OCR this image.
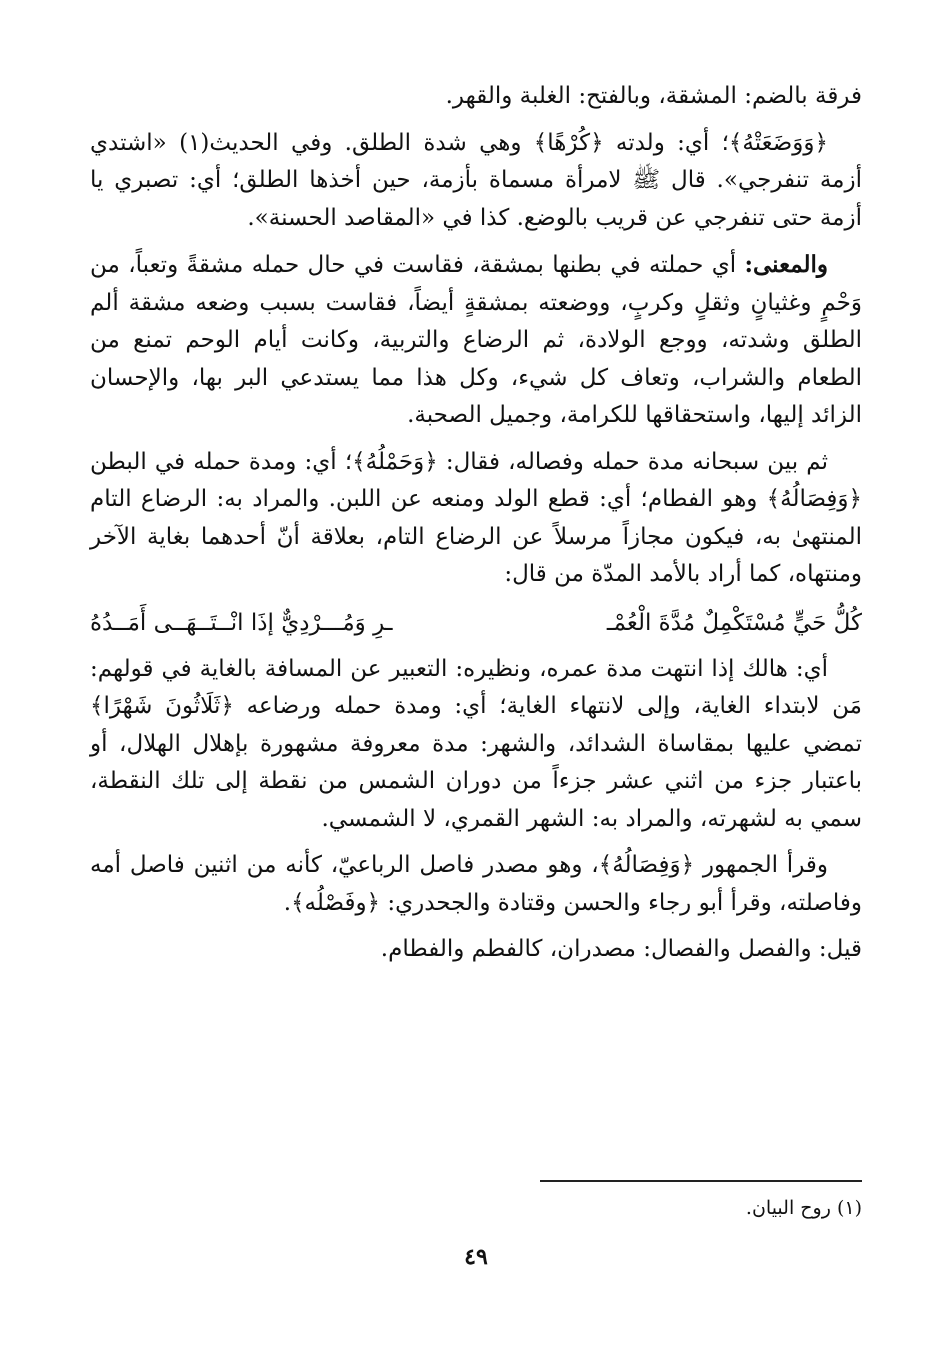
فرقة بالضم: المشقة، وبالفتح: الغلبة والقهر.

﴿وَوَضَعَتْهُ﴾؛ أي: ولدته ﴿كُرْهًا﴾ وهي شدة الطلق. وفي الحديث(١) «اشتدي أزمة تنفرجي». قال ﷺ لامرأة مسماة بأزمة، حين أخذها الطلق؛ أي: تصبري يا أزمة حتى تنفرجي عن قريب بالوضع. كذا في «المقاصد الحسنة».

والمعنى: أي حملته في بطنها بمشقة، فقاست في حال حمله مشقةً وتعباً، من وَحْمٍ وغثيانٍ وثقلٍ وكربٍ، ووضعته بمشقةٍ أيضاً، فقاست بسبب وضعه مشقة ألم الطلق وشدته، ووجع الولادة، ثم الرضاع والتربية، وكانت أيام الوحم تمنع من الطعام والشراب، وتعاف كل شيء، وكل هذا مما يستدعي البر بها، والإحسان الزائد إليها، واستحقاقها للكرامة، وجميل الصحبة.

ثم بين سبحانه مدة حمله وفصاله، فقال: ﴿وَحَمْلُهُ﴾؛ أي: ومدة حمله في البطن ﴿وَفِصَالُهُ﴾ وهو الفطام؛ أي: قطع الولد ومنعه عن اللبن. والمراد به: الرضاع التام المنتهىٰ به، فيكون مجازاً مرسلاً عن الرضاع التام، بعلاقة أنّ أحدهما بغاية الآخر ومنتهاه، كما أراد بالأمد المدّة من قال:

كُلُّ حَيٍّ مُسْتَكْمِلٌ مُدَّةَ الْعُمْـ
ـرِ وَمُـــرْدِيٌّ إذَا انْــتَــهَــى أَمَــدُهُ

أي: هالك إذا انتهت مدة عمره، ونظيره: التعبير عن المسافة بالغاية في قولهم: مَن لابتداء الغاية، وإلى لانتهاء الغاية؛ أي: ومدة حمله ورضاعه ﴿ثَلَاثُونَ شَهْرًا﴾ تمضي عليها بمقاساة الشدائد، والشهر: مدة معروفة مشهورة بإهلال الهلال، أو باعتبار جزء من اثني عشر جزءاً من دوران الشمس من نقطة إلى تلك النقطة، سمي به لشهرته، والمراد به: الشهر القمري، لا الشمسي.

وقرأ الجمهور ﴿وَفِصَالُهُ﴾، وهو مصدر فاصل الرباعيّ، كأنه من اثنين فاصل أمه وفاصلته، وقرأ أبو رجاء والحسن وقتادة والجحدري: ﴿وفَصْلُه﴾.

قيل: والفصل والفصال: مصدران، كالفطم والفطام.

(١) روح البيان.
٤٩
